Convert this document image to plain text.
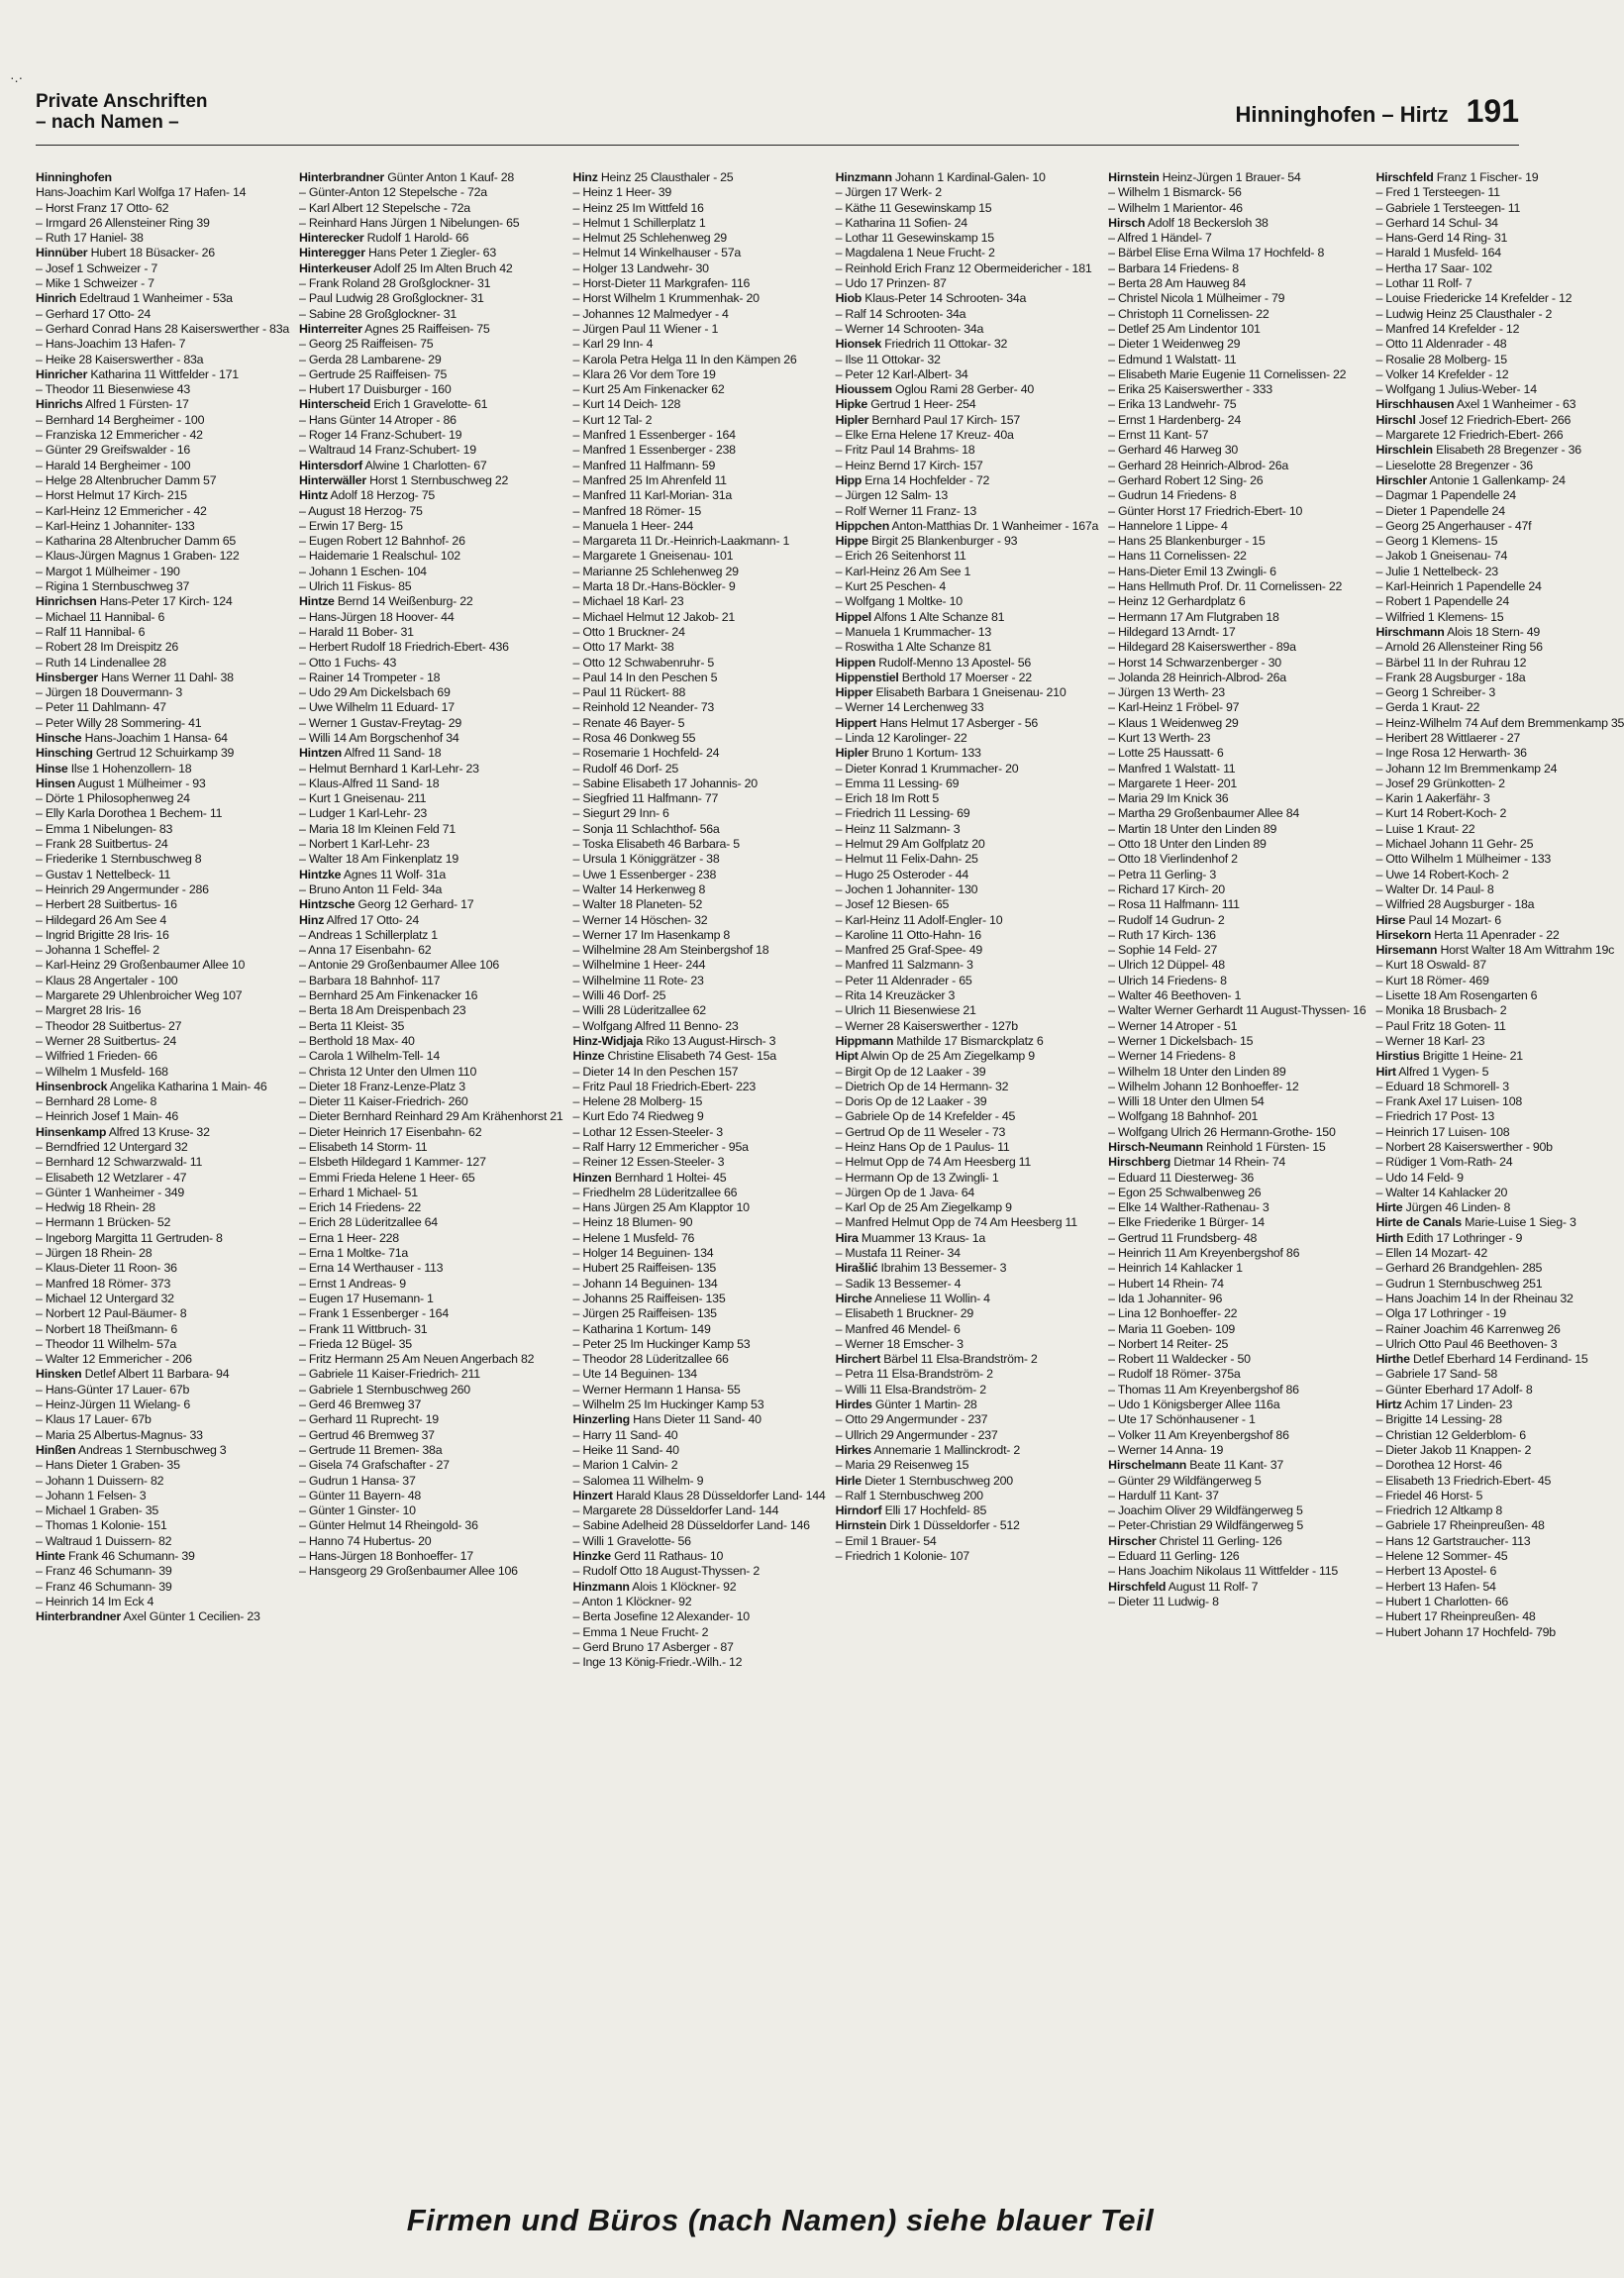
·.·
Private Anschriften
– nach Namen –	Hinninghofen – Hirtz 191
Hinninghofen
Hans-Joachim Karl Wolfga 17 Hafen- 14
– Horst Franz 17 Otto- 62
– Irmgard 26 Allensteiner Ring 39
– Ruth 17 Haniel- 38
Hinnüber Hubert 18 Büsacker- 26
– Josef 1 Schweizer - 7
– Mike 1 Schweizer - 7
Hinrich Edeltraud 1 Wanheimer - 53a
– Gerhard 17 Otto- 24
– Gerhard Conrad Hans 28 Kaiserswerther - 83a
– Hans-Joachim 13 Hafen- 7
– Heike 28 Kaiserswerther - 83a
Hinricher Katharina 11 Wittfelder - 171
– Theodor 11 Biesenwiese 43
Hinrichs Alfred 1 Fürsten- 17
– Bernhard 14 Bergheimer - 100
– Franziska 12 Emmericher - 42
– Günter 29 Greifswalder - 16
– Harald 14 Bergheimer - 100
– Helge 28 Altenbrucher Damm 57
– Horst Helmut 17 Kirch- 215
– Karl-Heinz 12 Emmericher - 42
– Karl-Heinz 1 Johanniter- 133
– Katharina 28 Altenbrucher Damm 65
– Klaus-Jürgen Magnus 1 Graben- 122
– Margot 1 Mülheimer - 190
– Rigina 1 Sternbuschweg 37
Hinrichsen Hans-Peter 17 Kirch- 124
– Michael 11 Hannibal- 6
– Ralf 11 Hannibal- 6
– Robert 28 Im Dreispitz 26
– Ruth 14 Lindenallee 28
Hinsberger Hans Werner 11 Dahl- 38
– Jürgen 18 Douvermann- 3
– Peter 11 Dahlmann- 47
– Peter Willy 28 Sommering- 41
Hinsche Hans-Joachim 1 Hansa- 64
Hinsching Gertrud 12 Schuirkamp 39
Hinse Ilse 1 Hohenzollern- 18
Hinsen August 1 Mülheimer - 93
– Dörte 1 Philosophenweg 24
– Elly Karla Dorothea 1 Bechem- 11
– Emma 1 Nibelungen- 83
– Frank 28 Suitbertus- 24
– Friederike 1 Sternbuschweg 8
– Gustav 1 Nettelbeck- 11
– Heinrich 29 Angermunder - 286
– Herbert 28 Suitbertus- 16
– Hildegard 26 Am See 4
– Ingrid Brigitte 28 Iris- 16
– Johanna 1 Scheffel- 2
– Karl-Heinz 29 Großenbaumer Allee 10
– Klaus 28 Angertaler - 100
– Margarete 29 Uhlenbroicher Weg 107
– Margret 28 Iris- 16
– Theodor 28 Suitbertus- 27
– Werner 28 Suitbertus- 24
– Wilfried 1 Frieden- 66
– Wilhelm 1 Musfeld- 168
Hinsenbrock Angelika Katharina 1 Main- 46
– Bernhard 28 Lome- 8
– Heinrich Josef 1 Main- 46
Hinsenkamp Alfred 13 Kruse- 32
– Berndfried 12 Untergard 32
– Bernhard 12 Schwarzwald- 11
– Elisabeth 12 Wetzlarer - 47
– Günter 1 Wanheimer - 349
– Hedwig 18 Rhein- 28
– Hermann 1 Brücken- 52
– Ingeborg Margitta 11 Gertruden- 8
– Jürgen 18 Rhein- 28
– Klaus-Dieter 11 Roon- 36
– Manfred 18 Römer- 373
– Michael 12 Untergard 32
– Norbert 12 Paul-Bäumer- 8
– Norbert 18 Theißmann- 6
– Theodor 11 Wilhelm- 57a
– Walter 12 Emmericher - 206
Hinsken Detlef Albert 11 Barbara- 94
– Hans-Günter 17 Lauer- 67b
– Heinz-Jürgen 11 Wielang- 6
– Klaus 17 Lauer- 67b
– Maria 25 Albertus-Magnus- 33
Hinßen Andreas 1 Sternbuschweg 3
– Hans Dieter 1 Graben- 35
– Johann 1 Duissern- 82
– Johann 1 Felsen- 3
– Michael 1 Graben- 35
– Thomas 1 Kolonie- 151
– Waltraud 1 Duissern- 82
Hinte Frank 46 Schumann- 39
– Franz 46 Schumann- 39
– Franz 46 Schumann- 39
– Heinrich 14 Im Eck 4
Hinterbrandner Axel Günter 1 Cecilien- 23
Hinterbrandner Günter Anton 1 Kauf- 28
– Günter-Anton 12 Stepelsche - 72a
– Karl Albert 12 Stepelsche - 72a
– Reinhard Hans Jürgen 1 Nibelungen- 65
Hinterecker Rudolf 1 Harold- 66
Hinteregger Hans Peter 1 Ziegler- 63
Hinterkeuser Adolf 25 Im Alten Bruch 42
– Frank Roland 28 Großglockner- 31
– Paul Ludwig 28 Großglockner- 31
– Sabine 28 Großglockner- 31
Hinterreiter Agnes 25 Raiffeisen- 75
– Georg 25 Raiffeisen- 75
– Gerda 28 Lambarene- 29
– Gertrude 25 Raiffeisen- 75
– Hubert 17 Duisburger - 160
Hinterscheid Erich 1 Gravelotte- 61
– Hans Günter 14 Atroper - 86
– Roger 14 Franz-Schubert- 19
– Waltraud 14 Franz-Schubert- 19
Hintersdorf Alwine 1 Charlotten- 67
Hinterwäller Horst 1 Sternbuschweg 22
Hintz Adolf 18 Herzog- 75
– August 18 Herzog- 75
– Erwin 17 Berg- 15
– Eugen Robert 12 Bahnhof- 26
– Haidemarie 1 Realschul- 102
– Johann 1 Eschen- 104
– Ulrich 11 Fiskus- 85
Hintze Bernd 14 Weißenburg- 22
– Hans-Jürgen 18 Hoover- 44
– Harald 11 Bober- 31
– Herbert Rudolf 18 Friedrich-Ebert- 436
– Otto 1 Fuchs- 43
– Rainer 14 Trompeter - 18
– Udo 29 Am Dickelsbach 69
– Uwe Wilhelm 11 Eduard- 17
– Werner 1 Gustav-Freytag- 29
– Willi 14 Am Borgschenhof 34
Hintzen Alfred 11 Sand- 18
– Helmut Bernhard 1 Karl-Lehr- 23
– Klaus-Alfred 11 Sand- 18
– Kurt 1 Gneisenau- 211
– Ludger 1 Karl-Lehr- 23
– Maria 18 Im Kleinen Feld 71
– Norbert 1 Karl-Lehr- 23
– Walter 18 Am Finkenplatz 19
Hintzke Agnes 11 Wolf- 31a
– Bruno Anton 11 Feld- 34a
Hintzsche Georg 12 Gerhard- 17
Hinz Alfred 17 Otto- 24
– Andreas 1 Schillerplatz 1
– Anna 17 Eisenbahn- 62
– Antonie 29 Großenbaumer Allee 106
– Barbara 18 Bahnhof- 117
– Bernhard 25 Am Finkenacker 16
– Berta 18 Am Dreispenbach 23
– Berta 11 Kleist- 35
– Berthold 18 Max- 40
– Carola 1 Wilhelm-Tell- 14
– Christa 12 Unter den Ulmen 110
– Dieter 18 Franz-Lenze-Platz 3
– Dieter 11 Kaiser-Friedrich- 260
– Dieter Bernhard Reinhard 29 Am Krähenhorst 21
– Dieter Heinrich 17 Eisenbahn- 62
– Elisabeth 14 Storm- 11
– Elsbeth Hildegard 1 Kammer- 127
– Emmi Frieda Helene 1 Heer- 65
– Erhard 1 Michael- 51
– Erich 14 Friedens- 22
– Erich 28 Lüderitzallee 64
– Erna 1 Heer- 228
– Erna 1 Moltke- 71a
– Erna 14 Werthauser - 113
– Ernst 1 Andreas- 9
– Eugen 17 Husemann- 1
– Frank 1 Essenberger - 164
– Frank 11 Wittbruch- 31
– Frieda 12 Bügel- 35
– Fritz Hermann 25 Am Neuen Angerbach 82
– Gabriele 11 Kaiser-Friedrich- 211
– Gabriele 1 Sternbuschweg 260
– Gerd 46 Bremweg 37
– Gerhard 11 Ruprecht- 19
– Gertrud 46 Bremweg 37
– Gertrude 11 Bremen- 38a
– Gisela 74 Grafschafter - 27
– Gudrun 1 Hansa- 37
– Günter 11 Bayern- 48
– Günter 1 Ginster- 10
– Günter Helmut 14 Rheingold- 36
– Hanno 74 Hubertus- 20
– Hans-Jürgen 18 Bonhoeffer- 17
– Hansgeorg 29 Großenbaumer Allee 106
Hinz Heinz 25 Clausthaler - 25
– Heinz 1 Heer- 39
– Heinz 25 Im Wittfeld 16
– Helmut 1 Schillerplatz 1
– Helmut 25 Schlehenweg 29
– Helmut 14 Winkelhauser - 57a
– Holger 13 Landwehr- 30
– Horst-Dieter 11 Markgrafen- 116
– Horst Wilhelm 1 Krummenhak- 20
– Johannes 12 Malmedyer - 4
– Jürgen Paul 11 Wiener - 1
– Karl 29 Inn- 4
– Karola Petra Helga 11 In den Kämpen 26
– Klara 26 Vor dem Tore 19
– Kurt 25 Am Finkenacker 62
– Kurt 14 Deich- 128
– Kurt 12 Tal- 2
– Manfred 1 Essenberger - 164
– Manfred 1 Essenberger - 238
– Manfred 11 Halfmann- 59
– Manfred 25 Im Ahrenfeld 11
– Manfred 11 Karl-Morian- 31a
– Manfred 18 Römer- 15
– Manuela 1 Heer- 244
– Margareta 11 Dr.-Heinrich-Laakmann- 1
– Margarete 1 Gneisenau- 101
– Marianne 25 Schlehenweg 29
– Marta 18 Dr.-Hans-Böckler- 9
– Michael 18 Karl- 23
– Michael Helmut 12 Jakob- 21
– Otto 1 Bruckner- 24
– Otto 17 Markt- 38
– Otto 12 Schwabenruhr- 5
– Paul 14 In den Peschen 5
– Paul 11 Rückert- 88
– Reinhold 12 Neander- 73
– Renate 46 Bayer- 5
– Rosa 46 Donkweg 55
– Rosemarie 1 Hochfeld- 24
– Rudolf 46 Dorf- 25
– Sabine Elisabeth 17 Johannis- 20
– Siegfried 11 Halfmann- 77
– Siegurt 29 Inn- 6
– Sonja 11 Schlachthof- 56a
– Toska Elisabeth 46 Barbara- 5
– Ursula 1 Königgrätzer - 38
– Uwe 1 Essenberger - 238
– Walter 14 Herkenweg 8
– Walter 18 Planeten- 52
– Werner 14 Höschen- 32
– Werner 17 Im Hasenkamp 8
– Wilhelmine 28 Am Steinbergshof 18
– Wilhelmine 1 Heer- 244
– Wilhelmine 11 Rote- 23
– Willi 46 Dorf- 25
– Willi 28 Lüderitzallee 62
– Wolfgang Alfred 11 Benno- 23
Hinz-Widjaja Riko 13 August-Hirsch- 3
Hinze Christine Elisabeth 74 Gest- 15a
– Dieter 14 In den Peschen 157
– Fritz Paul 18 Friedrich-Ebert- 223
– Helene 28 Molberg- 15
– Kurt Edo 74 Riedweg 9
– Lothar 12 Essen-Steeler- 3
– Ralf Harry 12 Emmericher - 95a
– Reiner 12 Essen-Steeler- 3
Hinzen Bernhard 1 Holtei- 45
– Friedhelm 28 Lüderitzallee 66
– Hans Jürgen 25 Am Klapptor 10
– Heinz 18 Blumen- 90
– Helene 1 Musfeld- 76
– Holger 14 Beguinen- 134
– Hubert 25 Raiffeisen- 135
– Johann 14 Beguinen- 134
– Johanns 25 Raiffeisen- 135
– Jürgen 25 Raiffeisen- 135
– Katharina 1 Kortum- 149
– Peter 25 Im Huckinger Kamp 53
– Theodor 28 Lüderitzallee 66
– Ute 14 Beguinen- 134
– Werner Hermann 1 Hansa- 55
– Wilhelm 25 Im Huckinger Kamp 53
Hinzerling Hans Dieter 11 Sand- 40
– Harry 11 Sand- 40
– Heike 11 Sand- 40
– Marion 1 Calvin- 2
– Salomea 11 Wilhelm- 9
Hinzert Harald Klaus 28 Düsseldorfer Land- 144
– Margarete 28 Düsseldorfer Land- 144
– Sabine Adelheid 28 Düsseldorfer Land- 146
– Willi 1 Gravelotte- 56
Hinzke Gerd 11 Rathaus- 10
– Rudolf Otto 18 August-Thyssen- 2
Hinzmann Alois 1 Klöckner- 92
– Anton 1 Klöckner- 92
– Berta Josefine 12 Alexander- 10
– Emma 1 Neue Frucht- 2
– Gerd Bruno 17 Asberger - 87
– Inge 13 König-Friedr.-Wilh.- 12
Hinzmann Johann 1 Kardinal-Galen- 10
– Jürgen 17 Werk- 2
– Käthe 11 Gesewinskamp 15
– Katharina 11 Sofien- 24
– Lothar 11 Gesewinskamp 15
– Magdalena 1 Neue Frucht- 2
– Reinhold Erich Franz 12 Obermeidericher - 181
– Udo 17 Prinzen- 87
Hiob Klaus-Peter 14 Schrooten- 34a
– Ralf 14 Schrooten- 34a
– Werner 14 Schrooten- 34a
Hionsek Friedrich 11 Ottokar- 32
– Ilse 11 Ottokar- 32
– Peter 12 Karl-Albert- 34
Hioussem Oglou Rami 28 Gerber- 40
Hipke Gertrud 1 Heer- 254
Hipler Bernhard Paul 17 Kirch- 157
– Elke Erna Helene 17 Kreuz- 40a
– Fritz Paul 14 Brahms- 18
– Heinz Bernd 17 Kirch- 157
Hipp Erna 14 Hochfelder - 72
– Jürgen 12 Salm- 13
– Rolf Werner 11 Franz- 13
Hippchen Anton-Matthias Dr. 1 Wanheimer - 167a
Hippe Birgit 25 Blankenburger - 93
– Erich 26 Seitenhorst 11
– Karl-Heinz 26 Am See 1
– Kurt 25 Peschen- 4
– Wolfgang 1 Moltke- 10
Hippel Alfons 1 Alte Schanze 81
– Manuela 1 Krummacher- 13
– Roswitha 1 Alte Schanze 81
Hippen Rudolf-Menno 13 Apostel- 56
Hippenstiel Berthold 17 Moerser - 22
Hipper Elisabeth Barbara 1 Gneisenau- 210
– Werner 14 Lerchenweg 33
Hippert Hans Helmut 17 Asberger - 56
– Linda 12 Karolinger- 22
Hipler Bruno 1 Kortum- 133
– Dieter Konrad 1 Krummacher- 20
– Emma 11 Lessing- 69
– Erich 18 Im Rott 5
– Friedrich 11 Lessing- 69
– Heinz 11 Salzmann- 3
– Helmut 29 Am Golfplatz 20
– Helmut 11 Felix-Dahn- 25
– Hugo 25 Osteroder - 44
– Jochen 1 Johanniter- 130
– Josef 12 Biesen- 65
– Karl-Heinz 11 Adolf-Engler- 10
– Karoline 11 Otto-Hahn- 16
– Manfred 25 Graf-Spee- 49
– Manfred 11 Salzmann- 3
– Peter 11 Aldenrader - 65
– Rita 14 Kreuzäcker 3
– Ulrich 11 Biesenwiese 21
– Werner 28 Kaiserswerther - 127b
Hippmann Mathilde 17 Bismarckplatz 6
Hipt Alwin Op de 25 Am Ziegelkamp 9
– Birgit Op de 12 Laaker - 39
– Dietrich Op de 14 Hermann- 32
– Doris Op de 12 Laaker - 39
– Gabriele Op de 14 Krefelder - 45
– Gertrud Op de 11 Weseler - 73
– Heinz Hans Op de 1 Paulus- 11
– Helmut Opp de 74 Am Heesberg 11
– Hermann Op de 13 Zwingli- 1
– Jürgen Op de 1 Java- 64
– Karl Op de 25 Am Ziegelkamp 9
– Manfred Helmut Opp de 74 Am Heesberg 11
Hira Muammer 13 Kraus- 1a
– Mustafa 11 Reiner- 34
Hirašlić Ibrahim 13 Bessemer- 3
– Sadik 13 Bessemer- 4
Hirche Anneliese 11 Wollin- 4
– Elisabeth 1 Bruckner- 29
– Manfred 46 Mendel- 6
– Werner 18 Emscher- 3
Hirchert Bärbel 11 Elsa-Brandström- 2
– Petra 11 Elsa-Brandström- 2
– Willi 11 Elsa-Brandström- 2
Hirdes Günter 1 Martin- 28
– Otto 29 Angermunder - 237
– Ullrich 29 Angermunder - 237
Hirkes Annemarie 1 Mallinckrodt- 2
– Maria 29 Reisenweg 15
Hirle Dieter 1 Sternbuschweg 200
– Ralf 1 Sternbuschweg 200
Hirndorf Elli 17 Hochfeld- 85
Hirnstein Dirk 1 Düsseldorfer - 512
– Emil 1 Brauer- 54
– Friedrich 1 Kolonie- 107
Hirnstein Heinz-Jürgen 1 Brauer- 54
– Wilhelm 1 Bismarck- 56
– Wilhelm 1 Marientor- 46
Hirsch Adolf 18 Beckersloh 38
– Alfred 1 Händel- 7
– Bärbel Elise Erna Wilma 17 Hochfeld- 8
– Barbara 14 Friedens- 8
– Berta 28 Am Hauweg 84
– Christel Nicola 1 Mülheimer - 79
– Christoph 11 Cornelissen- 22
– Detlef 25 Am Lindentor 101
– Dieter 1 Weidenweg 29
– Edmund 1 Walstatt- 11
– Elisabeth Marie Eugenie 11 Cornelissen- 22
– Erika 25 Kaiserswerther - 333
– Erika 13 Landwehr- 75
– Ernst 1 Hardenberg- 24
– Ernst 11 Kant- 57
– Gerhard 46 Harweg 30
– Gerhard 28 Heinrich-Albrod- 26a
– Gerhard Robert 12 Sing- 26
– Gudrun 14 Friedens- 8
– Günter Horst 17 Friedrich-Ebert- 10
– Hannelore 1 Lippe- 4
– Hans 25 Blankenburger - 15
– Hans 11 Cornelissen- 22
– Hans-Dieter Emil 13 Zwingli- 6
– Hans Hellmuth Prof. Dr. 11 Cornelissen- 22
– Heinz 12 Gerhardplatz 6
– Hermann 17 Am Flutgraben 18
– Hildegard 13 Arndt- 17
– Hildegard 28 Kaiserswerther - 89a
– Horst 14 Schwarzenberger - 30
– Jolanda 28 Heinrich-Albrod- 26a
– Jürgen 13 Werth- 23
– Karl-Heinz 1 Fröbel- 97
– Klaus 1 Weidenweg 29
– Kurt 13 Werth- 23
– Lotte 25 Haussatt- 6
– Manfred 1 Walstatt- 11
– Margarete 1 Heer- 201
– Maria 29 Im Knick 36
– Martha 29 Großenbaumer Allee 84
– Martin 18 Unter den Linden 89
– Otto 18 Unter den Linden 89
– Otto 18 Vierlindenhof 2
– Petra 11 Gerling- 3
– Richard 17 Kirch- 20
– Rosa 11 Halfmann- 111
– Rudolf 14 Gudrun- 2
– Ruth 17 Kirch- 136
– Sophie 14 Feld- 27
– Ulrich 12 Düppel- 48
– Ulrich 14 Friedens- 8
– Walter 46 Beethoven- 1
– Walter Werner Gerhardt 11 August-Thyssen- 16
– Werner 14 Atroper - 51
– Werner 1 Dickelsbach- 15
– Werner 14 Friedens- 8
– Wilhelm 18 Unter den Linden 89
– Wilhelm Johann 12 Bonhoeffer- 12
– Willi 18 Unter den Ulmen 54
– Wolfgang 18 Bahnhof- 201
– Wolfgang Ulrich 26 Hermann-Grothe- 150
Hirsch-Neumann Reinhold 1 Fürsten- 15
Hirschberg Dietmar 14 Rhein- 74
– Eduard 11 Diesterweg- 36
– Egon 25 Schwalbenweg 26
– Elke 14 Walther-Rathenau- 3
– Elke Friederike 1 Bürger- 14
– Gertrud 11 Frundsberg- 48
– Heinrich 11 Am Kreyenbergshof 86
– Heinrich 14 Kahlacker 1
– Hubert 14 Rhein- 74
– Ida 1 Johanniter- 96
– Lina 12 Bonhoeffer- 22
– Maria 11 Goeben- 109
– Norbert 14 Reiter- 25
– Robert 11 Waldecker - 50
– Rudolf 18 Römer- 375a
– Thomas 11 Am Kreyenbergshof 86
– Udo 1 Königsberger Allee 116a
– Ute 17 Schönhausener - 1
– Volker 11 Am Kreyenbergshof 86
– Werner 14 Anna- 19
Hirschelmann Beate 11 Kant- 37
– Günter 29 Wildfängerweg 5
– Hardulf 11 Kant- 37
– Joachim Oliver 29 Wildfängerweg 5
– Peter-Christian 29 Wildfängerweg 5
Hirscher Christel 11 Gerling- 126
– Eduard 11 Gerling- 126
– Hans Joachim Nikolaus 11 Wittfelder - 115
Hirschfeld August 11 Rolf- 7
– Dieter 11 Ludwig- 8
Hirschfeld Franz 1 Fischer- 19
– Fred 1 Tersteegen- 11
– Gabriele 1 Tersteegen- 11
– Gerhard 14 Schul- 34
– Hans-Gerd 14 Ring- 31
– Harald 1 Musfeld- 164
– Hertha 17 Saar- 102
– Lothar 11 Rolf- 7
– Louise Friedericke 14 Krefelder - 12
– Ludwig Heinz 25 Clausthaler - 2
– Manfred 14 Krefelder - 12
– Otto 11 Aldenrader - 48
– Rosalie 28 Molberg- 15
– Volker 14 Krefelder - 12
– Wolfgang 1 Julius-Weber- 14
Hirschhausen Axel 1 Wanheimer - 63
Hirschl Josef 12 Friedrich-Ebert- 266
– Margarete 12 Friedrich-Ebert- 266
Hirschlein Elisabeth 28 Bregenzer - 36
– Lieselotte 28 Bregenzer - 36
Hirschler Antonie 1 Gallenkamp- 24
– Dagmar 1 Papendelle 24
– Dieter 1 Papendelle 24
– Georg 25 Angerhauser - 47f
– Georg 1 Klemens- 15
– Jakob 1 Gneisenau- 74
– Julie 1 Nettelbeck- 23
– Karl-Heinrich 1 Papendelle 24
– Robert 1 Papendelle 24
– Wilfried 1 Klemens- 15
Hirschmann Alois 18 Stern- 49
– Arnold 26 Allensteiner Ring 56
– Bärbel 11 In der Ruhrau 12
– Frank 28 Augsburger - 18a
– Georg 1 Schreiber- 3
– Gerda 1 Kraut- 22
– Heinz-Wilhelm 74 Auf dem Bremmenkamp 35
– Heribert 28 Wittlaerer - 27
– Inge Rosa 12 Herwarth- 36
– Johann 12 Im Bremmenkamp 24
– Josef 29 Grünkotten- 2
– Karin 1 Aakerfähr- 3
– Kurt 14 Robert-Koch- 2
– Luise 1 Kraut- 22
– Michael Johann 11 Gehr- 25
– Otto Wilhelm 1 Mülheimer - 133
– Uwe 14 Robert-Koch- 2
– Walter Dr. 14 Paul- 8
– Wilfried 28 Augsburger - 18a
Hirse Paul 14 Mozart- 6
Hirsekorn Herta 11 Apenrader - 22
Hirsemann Horst Walter 18 Am Wittrahm 19c
– Kurt 18 Oswald- 87
– Kurt 18 Römer- 469
– Lisette 18 Am Rosengarten 6
– Monika 18 Brusbach- 2
– Paul Fritz 18 Goten- 11
– Werner 18 Karl- 23
Hirstius Brigitte 1 Heine- 21
Hirt Alfred 1 Vygen- 5
– Eduard 18 Schmorell- 3
– Frank Axel 17 Luisen- 108
– Friedrich 17 Post- 13
– Heinrich 17 Luisen- 108
– Norbert 28 Kaiserswerther - 90b
– Rüdiger 1 Vom-Rath- 24
– Udo 14 Feld- 9
– Walter 14 Kahlacker 20
Hirte Jürgen 46 Linden- 8
Hirte de Canals Marie-Luise 1 Sieg- 3
Hirth Edith 17 Lothringer - 9
– Ellen 14 Mozart- 42
– Gerhard 26 Brandgehlen- 285
– Gudrun 1 Sternbuschweg 251
– Hans Joachim 14 In der Rheinau 32
– Olga 17 Lothringer - 19
– Rainer Joachim 46 Karrenweg 26
– Ulrich Otto Paul 46 Beethoven- 3
Hirthe Detlef Eberhard 14 Ferdinand- 15
– Gabriele 17 Sand- 58
– Günter Eberhard 17 Adolf- 8
Hirtz Achim 17 Linden- 23
– Brigitte 14 Lessing- 28
– Christian 12 Gelderblom- 6
– Dieter Jakob 11 Knappen- 2
– Dorothea 12 Horst- 46
– Elisabeth 13 Friedrich-Ebert- 45
– Friedel 46 Horst- 5
– Friedrich 12 Altkamp 8
– Gabriele 17 Rheinpreußen- 48
– Hans 12 Gartstraucher- 113
– Helene 12 Sommer- 45
– Herbert 13 Apostel- 6
– Herbert 13 Hafen- 54
– Hubert 1 Charlotten- 66
– Hubert 17 Rheinpreußen- 48
– Hubert Johann 17 Hochfeld- 79b
Firmen und Büros (nach Namen) siehe blauer Teil
